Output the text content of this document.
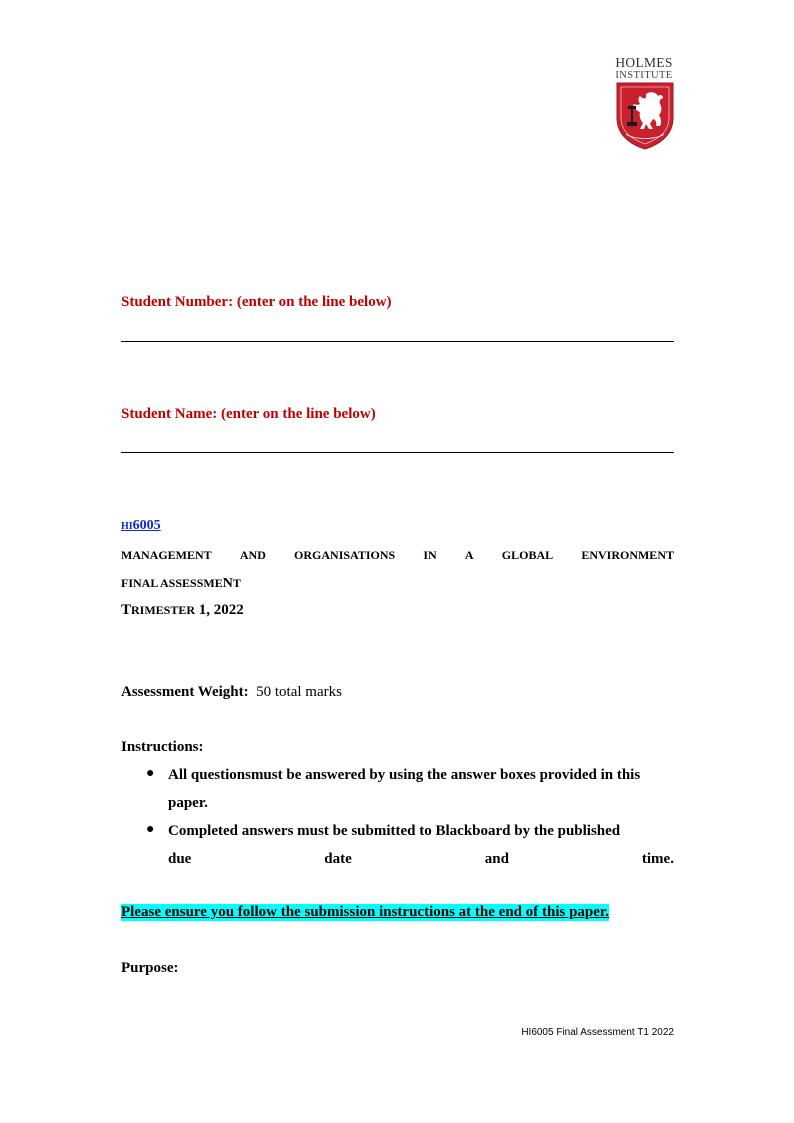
HOLMES
INSTITUTE
Student Number: (enter on the line below)
Student Name: (enter on the line below)
HI6005
MANAGEMENT AND ORGANISATIONS IN A GLOBAL ENVIRONMENT
FINAL ASSESSMENT
TRIMESTER 1, 2022
Assessment Weight: 50 total marks
Instructions:
● All questionsmust be answered by using the answer boxes provided in this
paper.
● Completed answers must be submitted to Blackboard by the published
due	date	and	time.
Please ensure you follow the submission instructions at the end of this paper.
Purpose:
HI6005 Final Assessment T1 2022
